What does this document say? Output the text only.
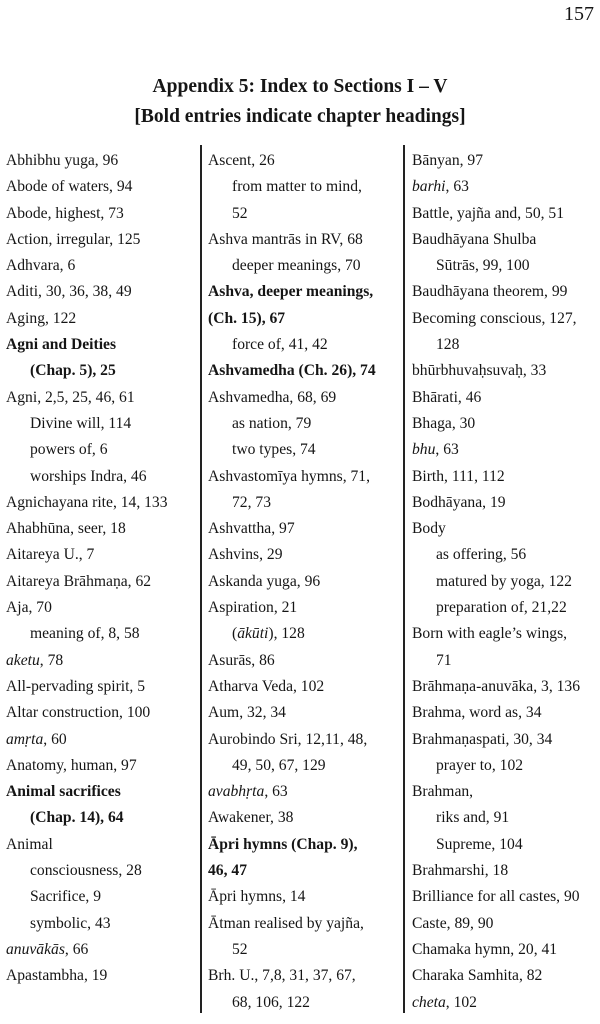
157
Appendix 5: Index to Sections I – V
[Bold entries indicate chapter headings]
Abhibhu yuga, 96
Abode of waters, 94
Abode, highest, 73
Action, irregular, 125
Adhvara, 6
Aditi, 30, 36, 38, 49
Aging, 122
Agni and Deities
(Chap. 5), 25
Agni, 2,5, 25, 46, 61
Divine will, 114
powers of, 6
worships Indra, 46
Agnichayana rite, 14, 133
Ahabhūna, seer, 18
Aitareya U., 7
Aitareya Brāhmaṇa, 62
Aja, 70
meaning of, 8, 58
aketu, 78
All-pervading spirit, 5
Altar construction, 100
amṛta, 60
Anatomy, human, 97
Animal sacrifices
(Chap. 14), 64
Animal
consciousness, 28
Sacrifice, 9
symbolic, 43
anuvākās, 66
Apastambha, 19
Ascent, 26
from matter to mind,
52
Ashva mantrās in RV, 68
deeper meanings, 70
Ashva, deeper meanings,
(Ch. 15), 67
force of, 41, 42
Ashvamedha (Ch. 26), 74
Ashvamedha, 68, 69
as nation, 79
two types, 74
Ashvastomīya hymns, 71,
72, 73
Ashvattha, 97
Ashvins, 29
Askanda yuga, 96
Aspiration, 21
(ākūti), 128
Asurās, 86
Atharva Veda, 102
Aum, 32, 34
Aurobindo Sri, 12,11, 48,
49, 50, 67, 129
avabhṛta, 63
Awakener, 38
Āpri hymns (Chap. 9),
46, 47
Āpri hymns, 14
Ātman realised by yajña,
52
Brh. U., 7,8, 31, 37, 67,
68, 106, 122
Bānyan, 97
barhi, 63
Battle, yajña and, 50, 51
Baudhāyana Shulba
Sūtrās, 99, 100
Baudhāyana theorem, 99
Becoming conscious, 127,
128
bhūrbhuvaḥsuvaḥ, 33
Bhārati, 46
Bhaga, 30
bhu, 63
Birth, 111, 112
Bodhāyana, 19
Body
as offering, 56
matured by yoga, 122
preparation of, 21,22
Born with eagle’s wings,
71
Brāhmaṇa-anuvāka, 3, 136
Brahma, word as, 34
Brahmaṇaspati, 30, 34
prayer to, 102
Brahman,
riks and, 91
Supreme, 104
Brahmarshi, 18
Brilliance for all castes, 90
Caste, 89, 90
Chamaka hymn, 20, 41
Charaka Samhita, 82
cheta, 102
